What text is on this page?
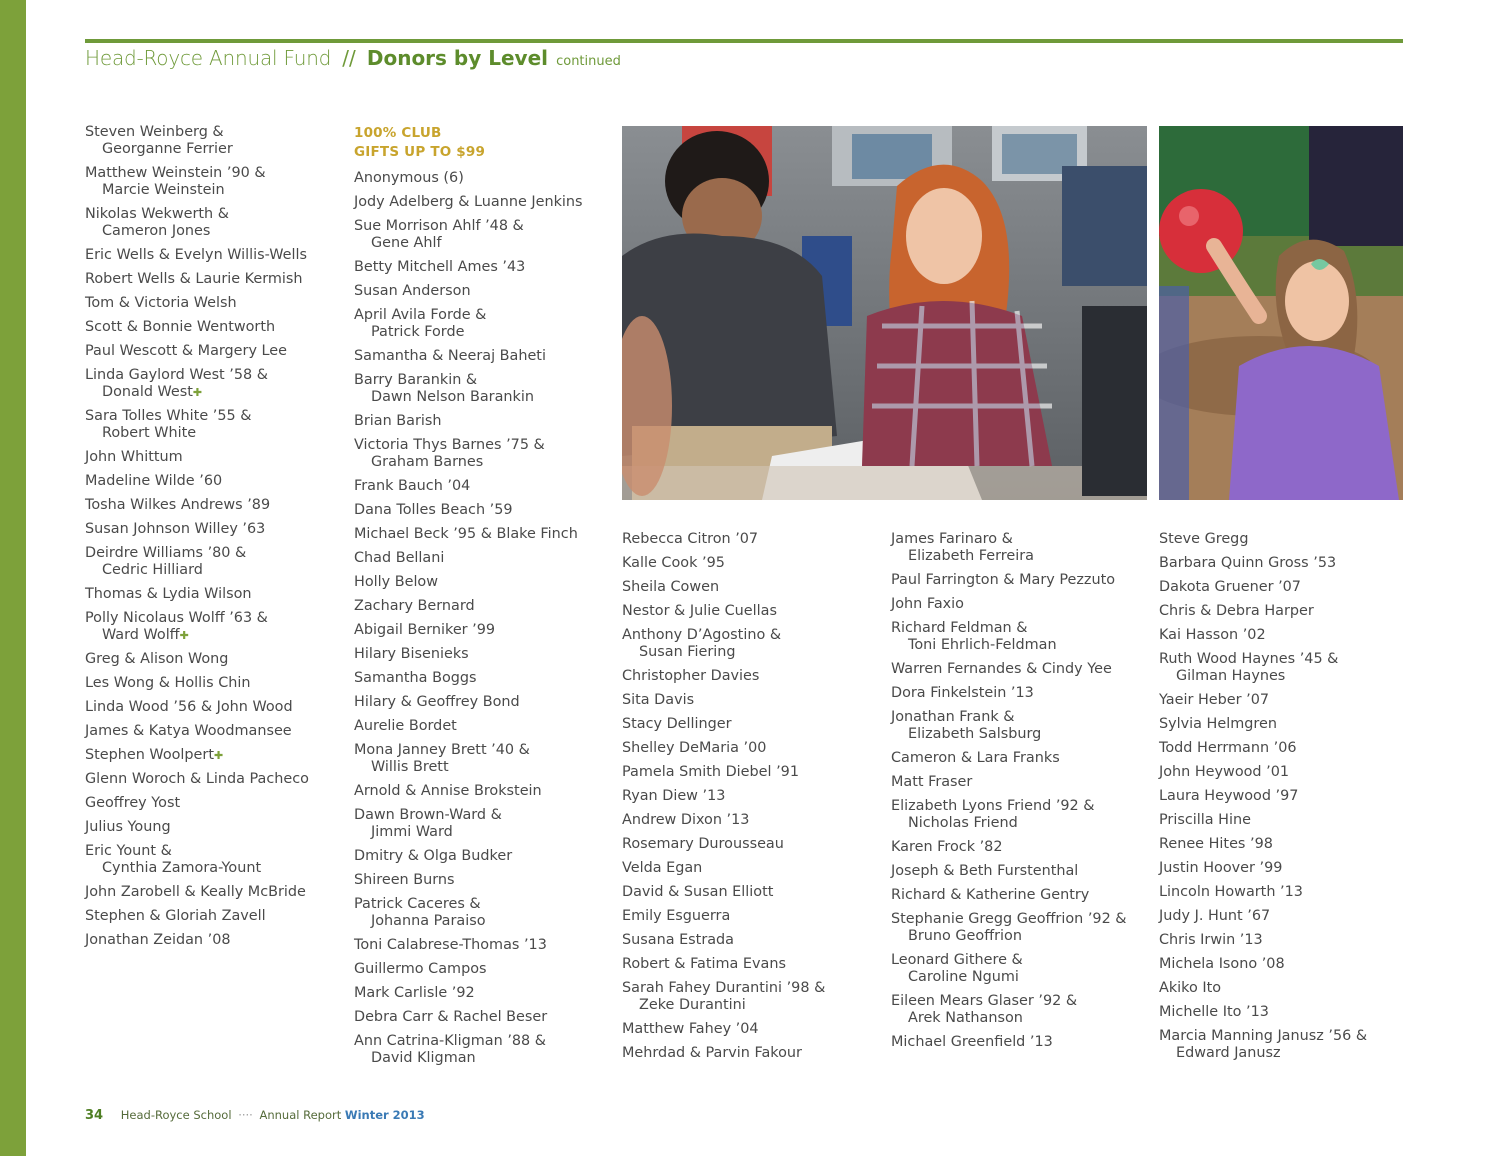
Head-Royce Annual Fund // Donors by Level continued
Steven Weinberg &
Georganne Ferrier
Matthew Weinstein ’90 &
Marcie Weinstein
Nikolas Wekwerth &
Cameron Jones
Eric Wells & Evelyn Willis-Wells
Robert Wells & Laurie Kermish
Tom & Victoria Welsh
Scott & Bonnie Wentworth
Paul Wescott & Margery Lee
Linda Gaylord West ’58 &
Donald West✚
Sara Tolles White ’55 &
Robert White
John Whittum
Madeline Wilde ’60
Tosha Wilkes Andrews ’89
Susan Johnson Willey ’63
Deirdre Williams ’80 &
Cedric Hilliard
Thomas & Lydia Wilson
Polly Nicolaus Wolff ’63 &
Ward Wolff✚
Greg & Alison Wong
Les Wong & Hollis Chin
Linda Wood ’56 & John Wood
James & Katya Woodmansee
Stephen Woolpert✚
Glenn Woroch & Linda Pacheco
Geoffrey Yost
Julius Young
Eric Yount &
Cynthia Zamora-Yount
John Zarobell & Keally McBride
Stephen & Gloriah Zavell
Jonathan Zeidan ’08
100% CLUB
GIFTS UP TO $99
Anonymous (6)
Jody Adelberg & Luanne Jenkins
Sue Morrison Ahlf ’48 &
Gene Ahlf
Betty Mitchell Ames ’43
Susan Anderson
April Avila Forde &
Patrick Forde
Samantha & Neeraj Baheti
Barry Barankin &
Dawn Nelson Barankin
Brian Barish
Victoria Thys Barnes ’75 &
Graham Barnes
Frank Bauch ’04
Dana Tolles Beach ’59
Michael Beck ’95 & Blake Finch
Chad Bellani
Holly Below
Zachary Bernard
Abigail Berniker ’99
Hilary Bisenieks
Samantha Boggs
Hilary & Geoffrey Bond
Aurelie Bordet
Mona Janney Brett ’40 &
Willis Brett
Arnold & Annise Brokstein
Dawn Brown-Ward &
Jimmi Ward
Dmitry & Olga Budker
Shireen Burns
Patrick Caceres &
Johanna Paraiso
Toni Calabrese-Thomas ’13
Guillermo Campos
Mark Carlisle ’92
Debra Carr & Rachel Beser
Ann Catrina-Kligman ’88 &
David Kligman
Rebecca Citron ’07
Kalle Cook ’95
Sheila Cowen
Nestor & Julie Cuellas
Anthony D’Agostino &
Susan Fiering
Christopher Davies
Sita Davis
Stacy Dellinger
Shelley DeMaria ’00
Pamela Smith Diebel ’91
Ryan Diew ’13
Andrew Dixon ’13
Rosemary Durousseau
Velda Egan
David & Susan Elliott
Emily Esguerra
Susana Estrada
Robert & Fatima Evans
Sarah Fahey Durantini ’98 &
Zeke Durantini
Matthew Fahey ’04
Mehrdad & Parvin Fakour
James Farinaro &
Elizabeth Ferreira
Paul Farrington & Mary Pezzuto
John Faxio
Richard Feldman &
Toni Ehrlich-Feldman
Warren Fernandes & Cindy Yee
Dora Finkelstein ’13
Jonathan Frank &
Elizabeth Salsburg
Cameron & Lara Franks
Matt Fraser
Elizabeth Lyons Friend ’92 &
Nicholas Friend
Karen Frock ’82
Joseph & Beth Furstenthal
Richard & Katherine Gentry
Stephanie Gregg Geoffrion ’92 &
Bruno Geoffrion
Leonard Githere &
Caroline Ngumi
Eileen Mears Glaser ’92 &
Arek Nathanson
Michael Greenfield ’13
Steve Gregg
Barbara Quinn Gross ’53
Dakota Gruener ’07
Chris & Debra Harper
Kai Hasson ’02
Ruth Wood Haynes ’45 &
Gilman Haynes
Yaeir Heber ’07
Sylvia Helmgren
Todd Herrmann ’06
John Heywood ’01
Laura Heywood ’97
Priscilla Hine
Renee Hites ’98
Justin Hoover ’99
Lincoln Howarth ’13
Judy J. Hunt ’67
Chris Irwin ’13
Michela Isono ’08
Akiko Ito
Michelle Ito ’13
Marcia Manning Janusz ’56 &
Edward Janusz
34 Head-Royce School ···· Annual Report Winter 2013
